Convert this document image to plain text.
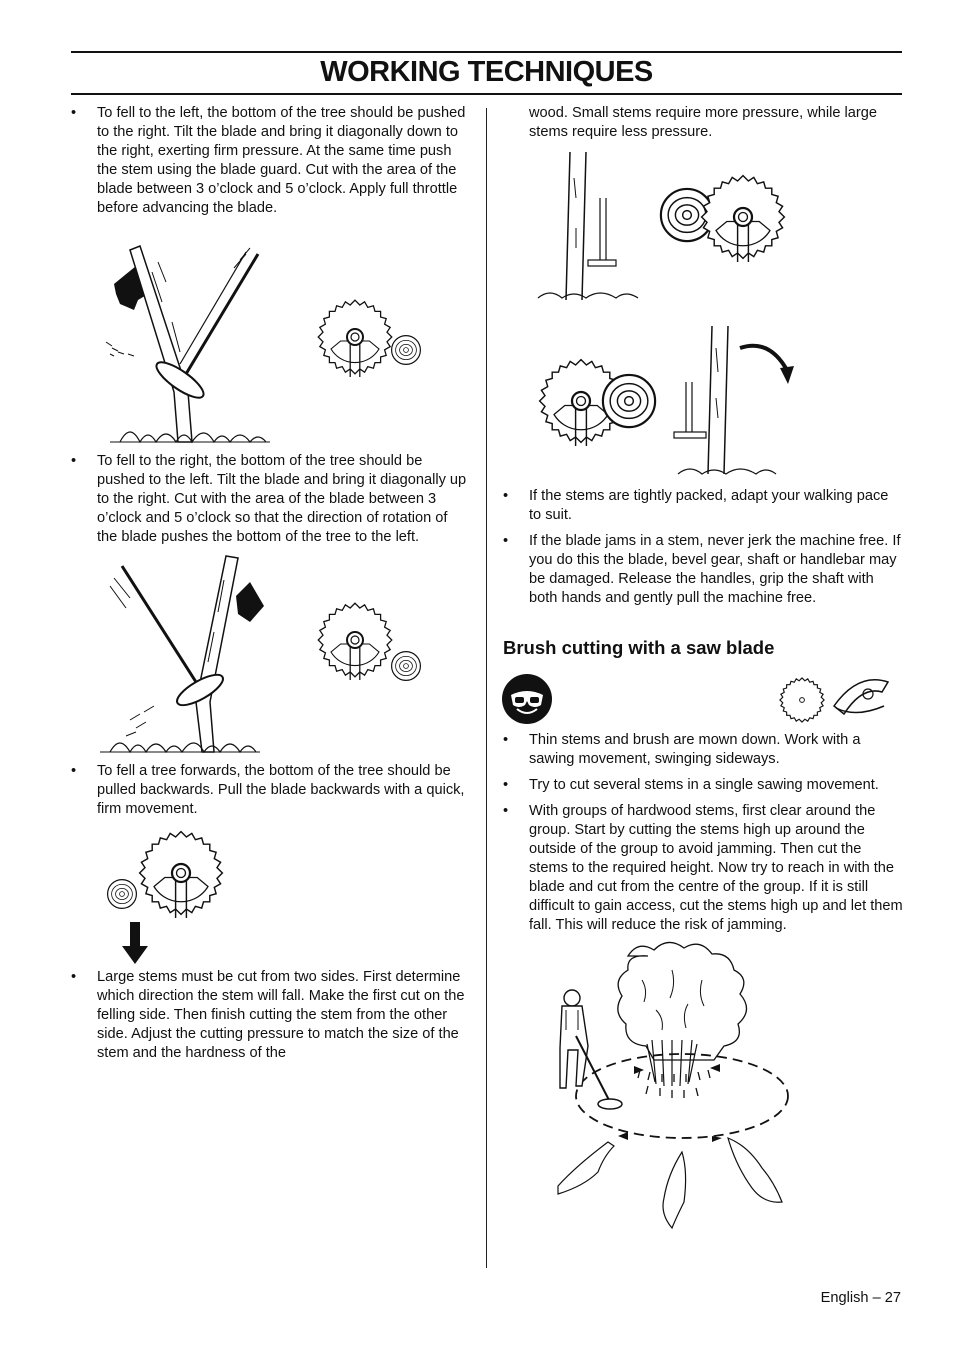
WORKING TECHNIQUES
• To fell to the left, the bottom of the tree should be pushed to the right. Tilt the blade and bring it diagonally down to the right, exerting firm pressure. At the same time push the stem using the blade guard. Cut with the area of the blade between 3 o’clock and 5 o’clock. Apply full throttle before advancing the blade.
• To fell to the right, the bottom of the tree should be pushed to the left. Tilt the blade and bring it diagonally up to the right. Cut with the area of the blade between 3 o’clock and 5 o’clock so that the direction of rotation of the blade pushes the bottom of the tree to the left.
• To fell a tree forwards, the bottom of the tree should be pulled backwards. Pull the blade backwards with a quick, firm movement.
• Large stems must be cut from two sides. First determine which direction the stem will fall. Make the first cut on the felling side. Then finish cutting the stem from the other side. Adjust the cutting pressure to match the size of the stem and the hardness of the
wood. Small stems require more pressure, while large stems require less pressure.
• If the stems are tightly packed, adapt your walking pace to suit.
• If the blade jams in a stem, never jerk the machine free. If you do this the blade, bevel gear, shaft or handlebar may be damaged. Release the handles, grip the shaft with both hands and gently pull the machine free.
Brush cutting with a saw blade
• Thin stems and brush are mown down. Work with a sawing movement, swinging sideways.
• Try to cut several stems in a single sawing movement.
• With groups of hardwood stems, first clear around the group. Start by cutting the stems high up around the outside of the group to avoid jamming. Then cut the stems to the required height. Now try to reach in with the blade and cut from the centre of the group. If it is still difficult to gain access, cut the stems high up and let them fall. This will reduce the risk of jamming.
English – 27
